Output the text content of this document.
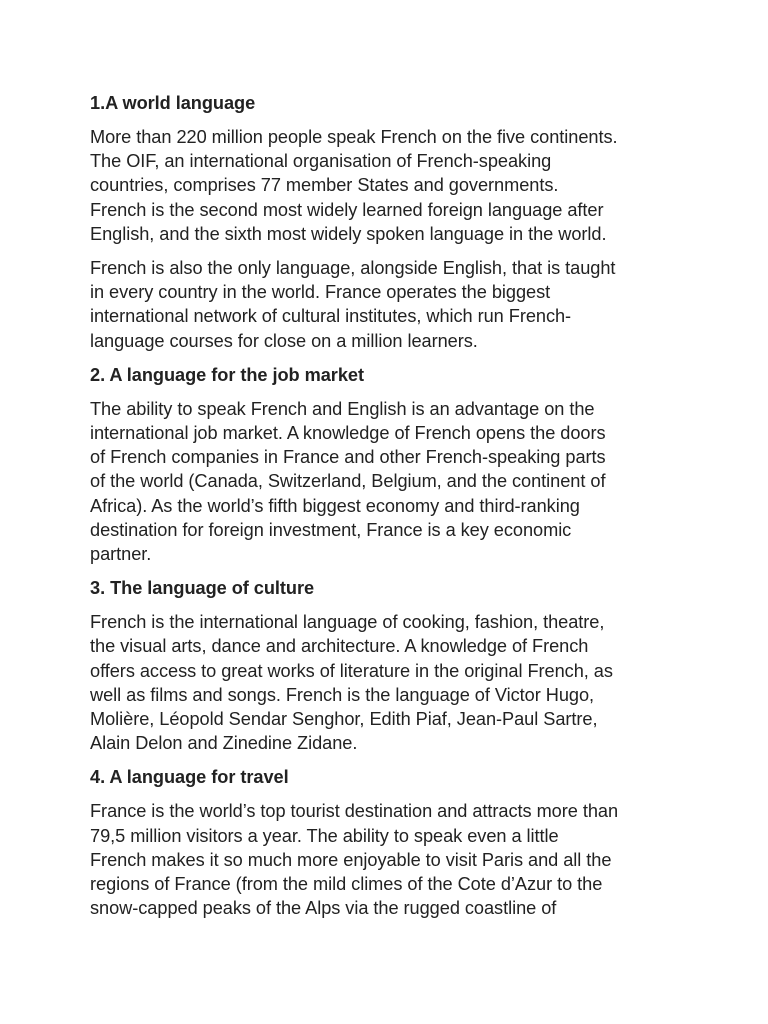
1.A world language
More than 220 million people speak French on the five continents.
The OIF, an international organisation of French-speaking
countries, comprises 77 member States and governments.
French is the second most widely learned foreign language after
English, and the sixth most widely spoken language in the world.
French is also the only language, alongside English, that is taught
in every country in the world. France operates the biggest
international network of cultural institutes, which run French-
language courses for close on a million learners.
2. A language for the job market
The ability to speak French and English is an advantage on the
international job market. A knowledge of French opens the doors
of French companies in France and other French-speaking parts
of the world (Canada, Switzerland, Belgium, and the continent of
Africa). As the world’s fifth biggest economy and third-ranking
destination for foreign investment, France is a key economic
partner.
3. The language of culture
French is the international language of cooking, fashion, theatre,
the visual arts, dance and architecture. A knowledge of French
offers access to great works of literature in the original French, as
well as films and songs. French is the language of Victor Hugo,
Molière, Léopold Sendar Senghor, Edith Piaf, Jean-Paul Sartre,
Alain Delon and Zinedine Zidane.
4. A language for travel
France is the world’s top tourist destination and attracts more than
79,5 million visitors a year. The ability to speak even a little
French makes it so much more enjoyable to visit Paris and all the
regions of France (from the mild climes of the Cote d’Azur to the
snow-capped peaks of the Alps via the rugged coastline of
